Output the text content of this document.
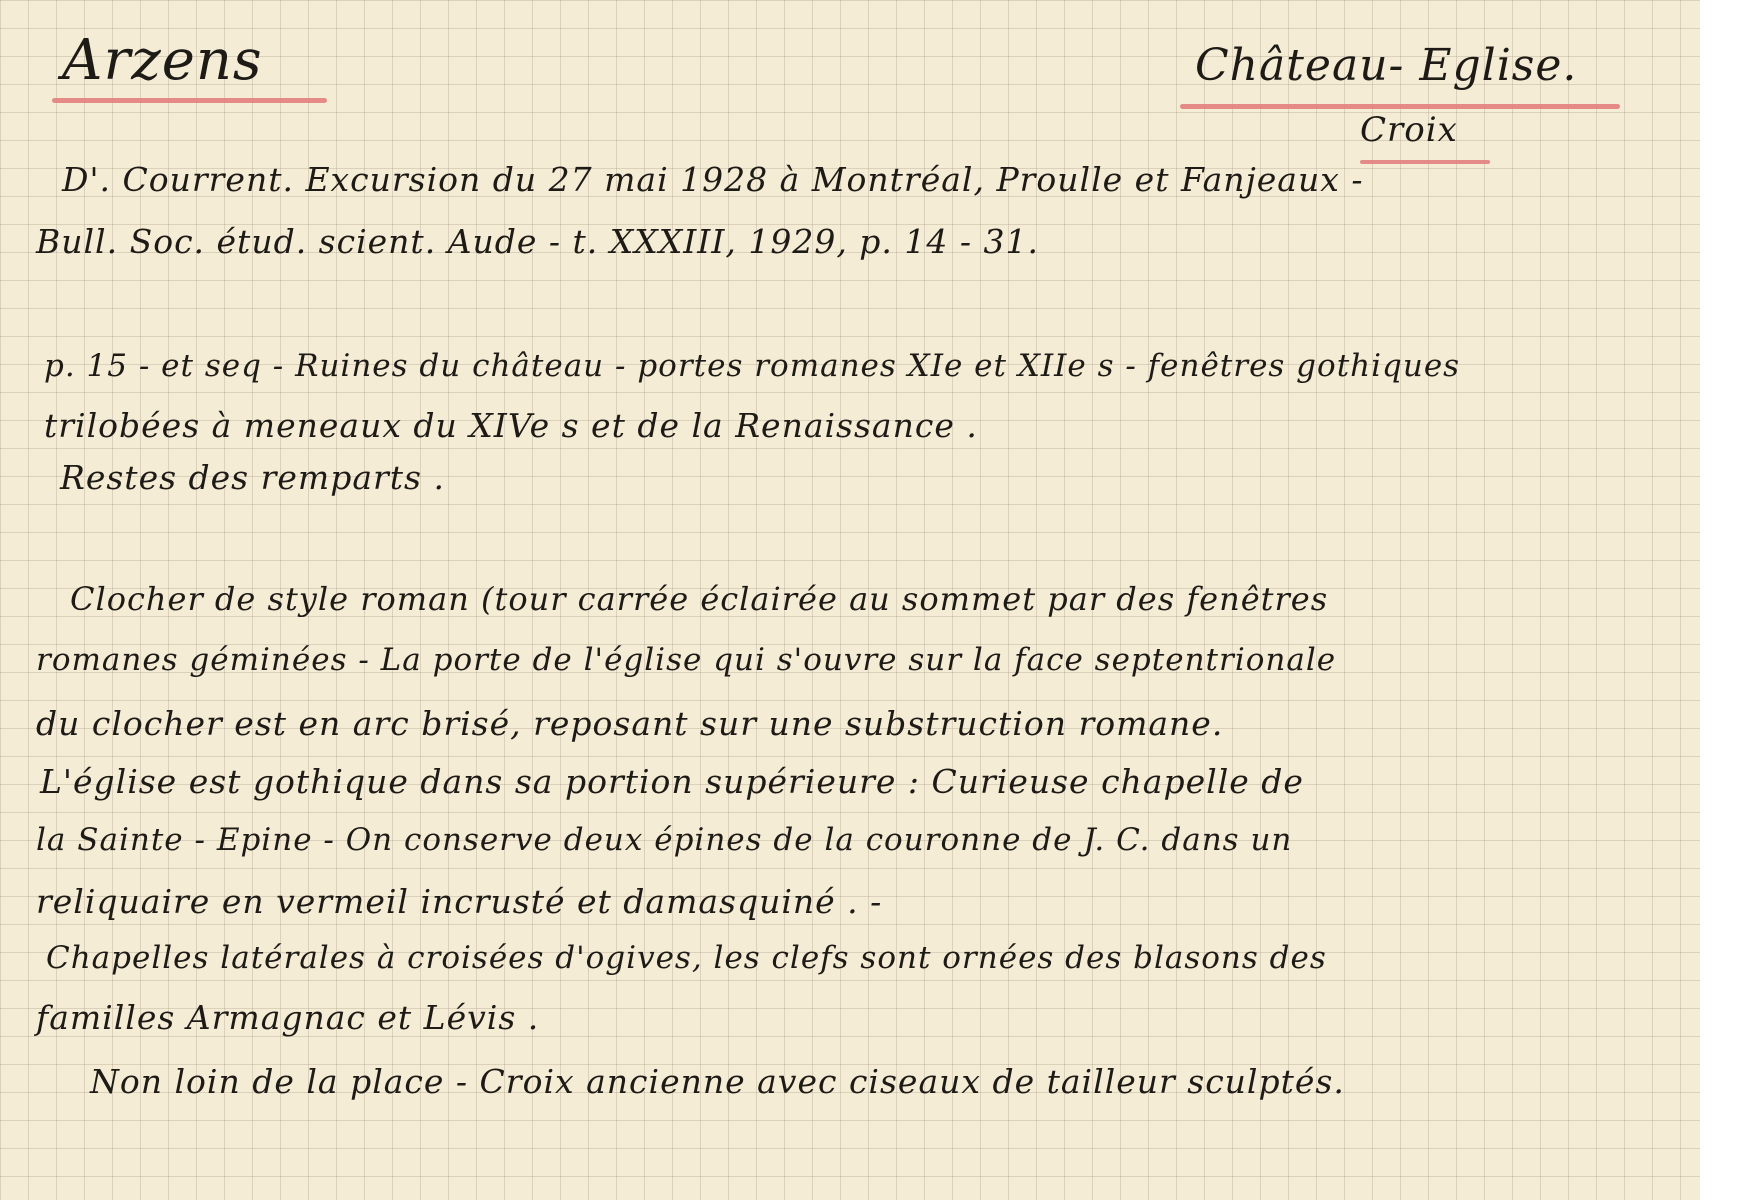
Arzens	Château- Eglise.
Croix
D'. Courrent. Excursion du 27 mai 1928 à Montréal, Proulle et Fanjeaux -
Bull. Soc. étud. scient. Aude - t. XXXIII, 1929, p. 14 - 31.
p. 15 - et seq - Ruines du château - portes romanes XIe et XIIe s - fenêtres gothiques
trilobées à meneaux du XIVe s et de la Renaissance .
Restes des remparts .
Clocher de style roman (tour carrée éclairée au sommet par des fenêtres
romanes géminées - La porte de l'église qui s'ouvre sur la face septentrionale
du clocher est en arc brisé, reposant sur une substruction romane.
L'église est gothique dans sa portion supérieure : Curieuse chapelle de
la Sainte - Epine - On conserve deux épines de la couronne de J. C. dans un
reliquaire en vermeil incrusté et damasquiné . -
Chapelles latérales à croisées d'ogives, les clefs sont ornées des blasons des
familles Armagnac et Lévis .
Non loin de la place - Croix ancienne avec ciseaux de tailleur sculptés.
